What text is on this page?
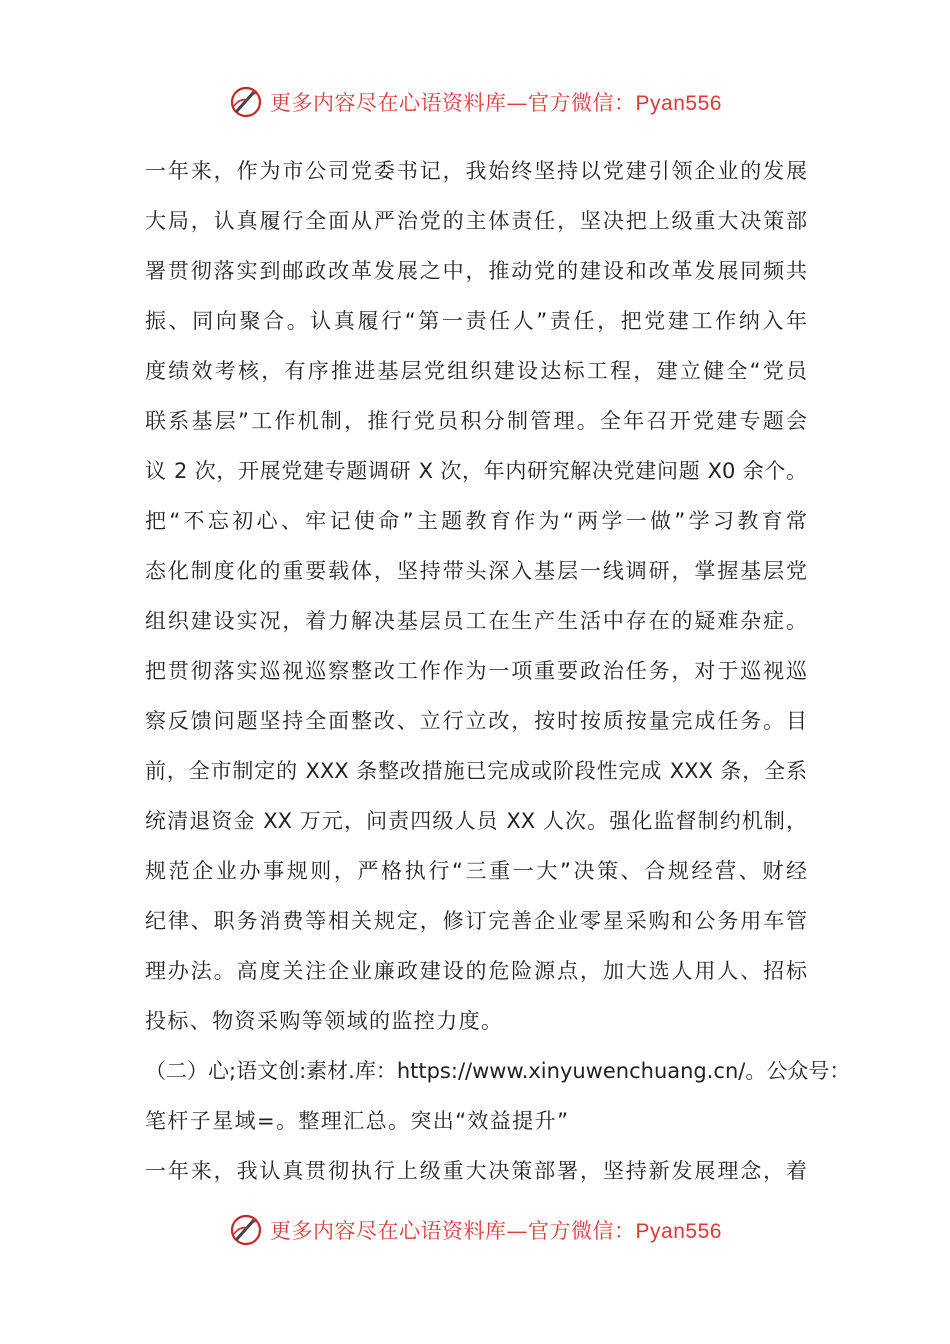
更多内容尽在心语资料库—官方微信：Pyan556
一年来，作为市公司党委书记，我始终坚持以党建引领企业的发展
大局，认真履行全面从严治党的主体责任，坚决把上级重大决策部
署贯彻落实到邮政改革发展之中，推动党的建设和改革发展同频共
振、同向聚合。认真履行“第一责任人”责任，把党建工作纳入年
度绩效考核，有序推进基层党组织建设达标工程，建立健全“党员
联系基层”工作机制，推行党员积分制管理。全年召开党建专题会
议 2 次，开展党建专题调研 X 次，年内研究解决党建问题 X0 余个。
把“不忘初心、牢记使命”主题教育作为“两学一做”学习教育常
态化制度化的重要载体，坚持带头深入基层一线调研，掌握基层党
组织建设实况，着力解决基层员工在生产生活中存在的疑难杂症。
把贯彻落实巡视巡察整改工作作为一项重要政治任务，对于巡视巡
察反馈问题坚持全面整改、立行立改，按时按质按量完成任务。目
前，全市制定的 XXX 条整改措施已完成或阶段性完成 XXX 条，全系
统清退资金 XX 万元，问责四级人员 XX 人次。强化监督制约机制，
规范企业办事规则，严格执行“三重一大”决策、合规经营、财经
纪律、职务消费等相关规定，修订完善企业零星采购和公务用车管
理办法。高度关注企业廉政建设的危险源点，加大选人用人、招标
投标、物资采购等领域的监控力度。
（二）心;语文创:素材.库：https://www.xinyuwenchuang.cn/。公众号：
笔杆子星域=。整理汇总。突出“效益提升”
一年来，我认真贯彻执行上级重大决策部署，坚持新发展理念，着
更多内容尽在心语资料库—官方微信：Pyan556
